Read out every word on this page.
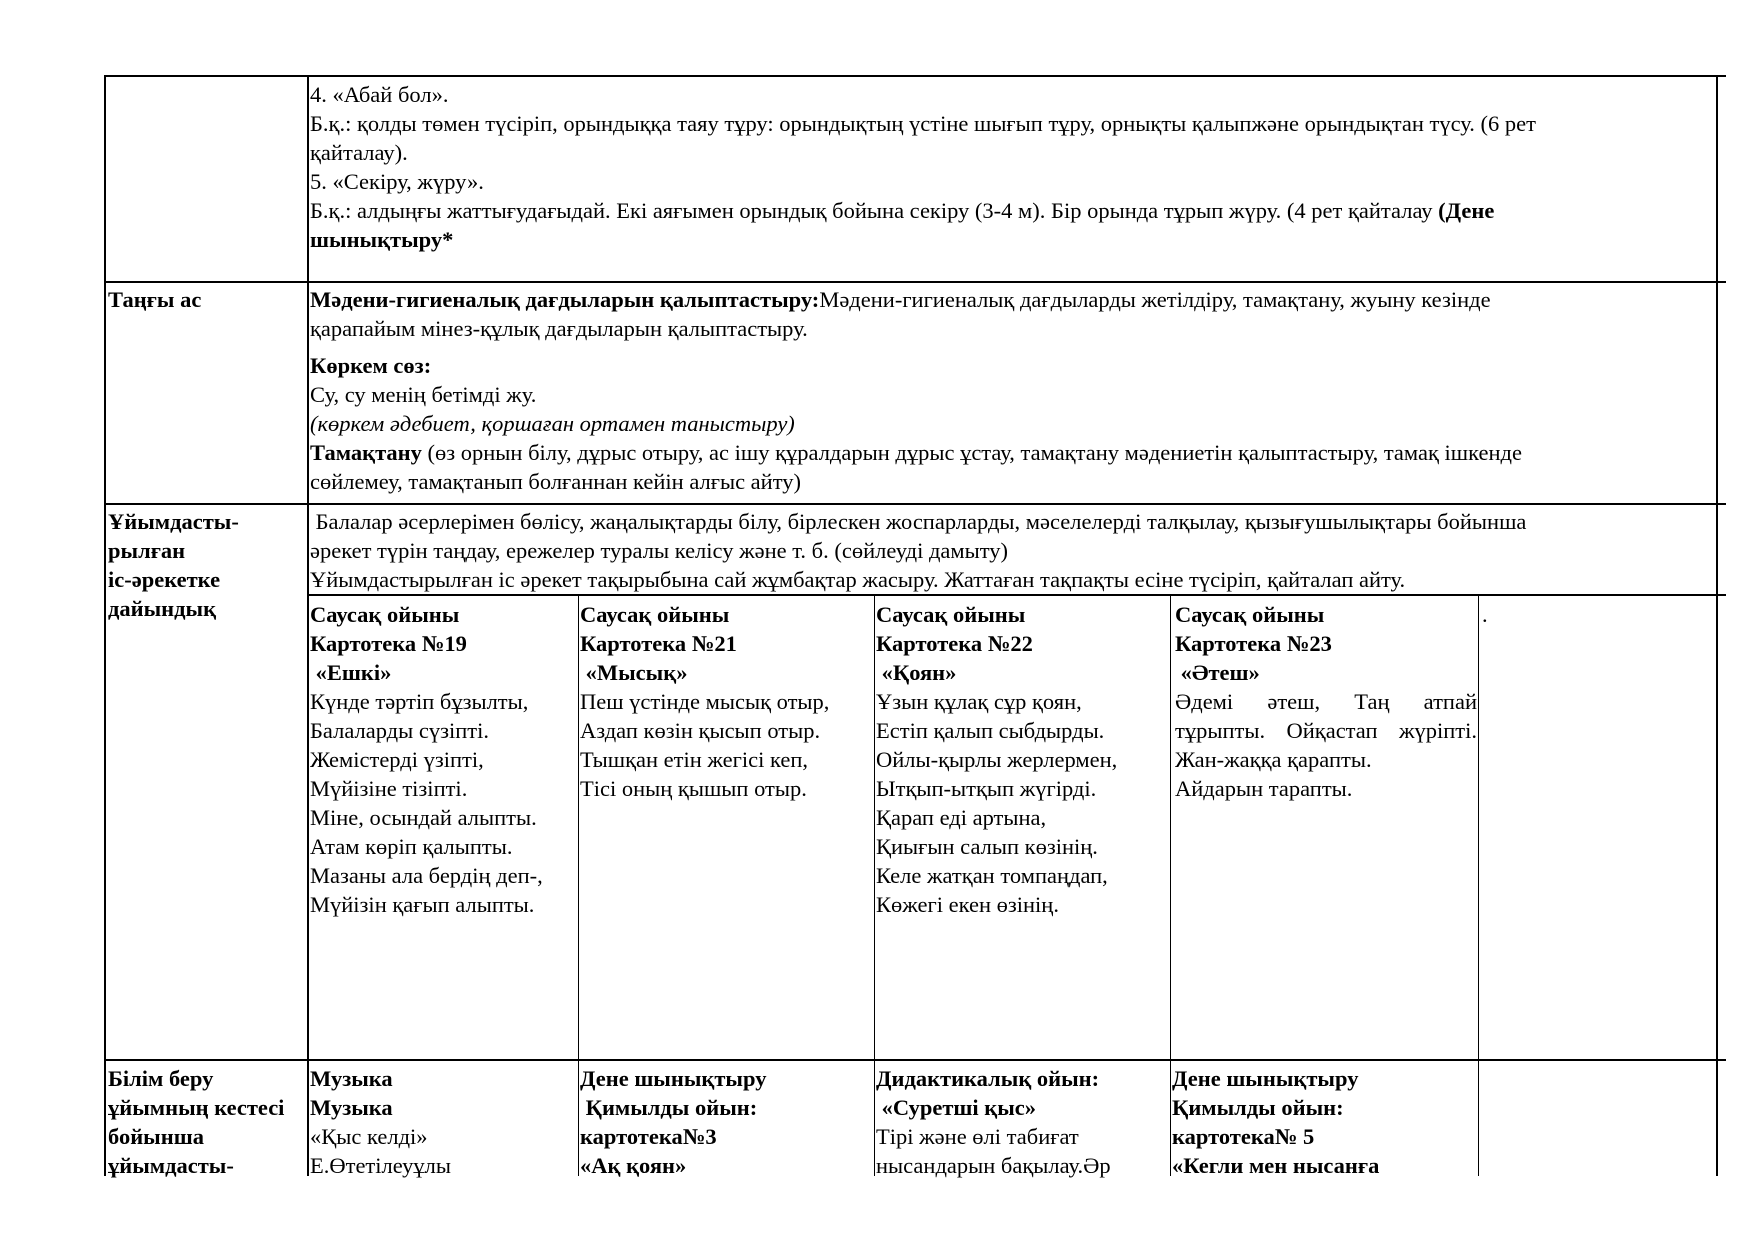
4. «Абай бол».
Б.қ.: қолды төмен түсіріп, орындыққа таяу тұру: орындықтың үстіне шығып тұру, орнықты қалыпжәне орындықтан түсу. (6 рет
қайталау).
5. «Секіру, жүру».
Б.қ.: алдыңғы жаттығудағыдай. Екі аяғымен орындық бойына секіру (3-4 м). Бір орында тұрып жүру. (4 рет қайталау (Дене
шынықтыру*
Таңғы ас	Мәдени-гигиеналық дағдыларын қалыптастыру:Мәдени-гигиеналық дағдыларды жетілдіру, тамақтану, жуыну кезінде
қарапайым мінез-құлық дағдыларын қалыптастыру.
Көркем сөз:
Су, су менің бетімді жу.
(көркем әдебиет, қоршаған ортамен таныстыру)
Тамақтану (өз орнын білу, дұрыс отыру, ас ішу құралдарын дұрыс ұстау, тамақтану мәдениетін қалыптастыру, тамақ ішкенде
сөйлемеу, тамақтанып болғаннан кейін алғыс айту)
Ұйымдасты-
рылған
іс-әрекетке
дайындық
Балалар әсерлерімен бөлісу, жаңалықтарды білу, бірлескен жоспарларды, мәселелерді талқылау, қызығушылықтары бойынша
әрекет түрін таңдау, ережелер туралы келісу және т. б. (сөйлеуді дамыту)
Ұйымдастырылған іс әрекет тақырыбына сай жұмбақтар жасыру. Жаттаған тақпақты есіне түсіріп, қайталап айту.
Саусақ ойыны
Картотека №19
«Ешкі»
Күнде тәртіп бұзылты,
Балаларды сүзіпті.
Жемістерді үзіпті,
Мүйізіне тізіпті.
Міне, осындай алыпты.
Атам көріп қалыпты.
Мазаны ала бердің деп-,
Мүйізін қағып алыпты.
Саусақ ойыны
Картотека №21
«Мысық»
Пеш үстінде мысық отыр,
Аздап көзін қысып отыр.
Тышқан етін жегісі кеп,
Тісі оның қышып отыр.
Саусақ ойыны
Картотека №22
«Қоян»
Ұзын құлақ сұр қоян,
Естіп қалып сыбдырды.
Ойлы-қырлы жерлермен,
Ытқып-ытқып жүгірді.
Қарап еді артына,
Қиығын салып көзінің.
Келе жатқан томпаңдап,
Көжегі екен өзінің.
Саусақ ойыны
Картотека №23
«Әтеш»
Әдемі әтеш, Таң атпай
тұрыпты. Ойқастап жүріпті.
Жан-жаққа қарапты.
Айдарын тарапты.
.
Білім беру
ұйымның кестесі
бойынша
ұйымдасты-
Музыка
Музыка
«Қыс келді»
Е.Өтетілеуұлы
Дене шынықтыру
Қимылды ойын:
картотека№3
«Ақ қоян»
Дидактикалық ойын:
«Суретші қыс»
Тірі және өлі табиғат
нысандарын бақылау.Әр
Дене шынықтыру
Қимылды ойын:
картотека№ 5
«Кегли мен нысанға
